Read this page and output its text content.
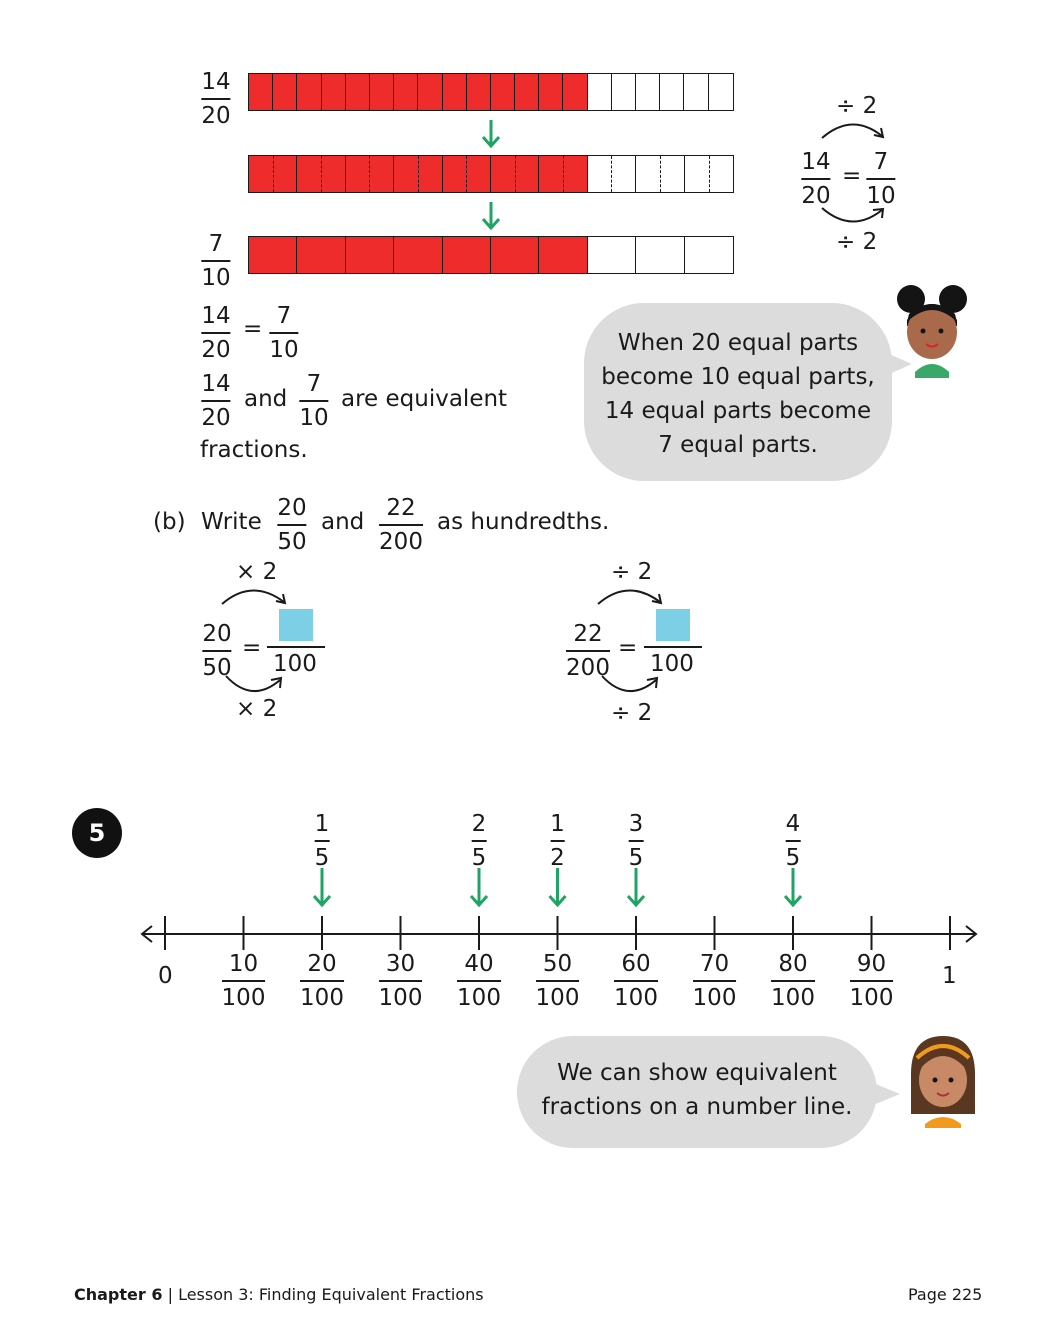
14
20
7
10
÷ 2
14
20
=
7
10
÷ 2
14
20
= 7
10
14
20
and
7
10
are equivalent
fractions.
When 20 equal parts
become 10 equal parts,
14 equal parts become
7 equal parts.
(b) Write
20
50
and
22
200
as hundredths.
× 2
20
50
=
100
× 2
÷ 2
22
200
=
100
÷ 2
5
0	1
10
100
20
100
30
100
40
100
50
100
60
100
70
100
80
100
90
100
1
5
2
5
1
2
3
5
4
5
We can show equivalent
fractions on a number line.
Chapter 6 | Lesson 3: Finding Equivalent Fractions	Page 225
